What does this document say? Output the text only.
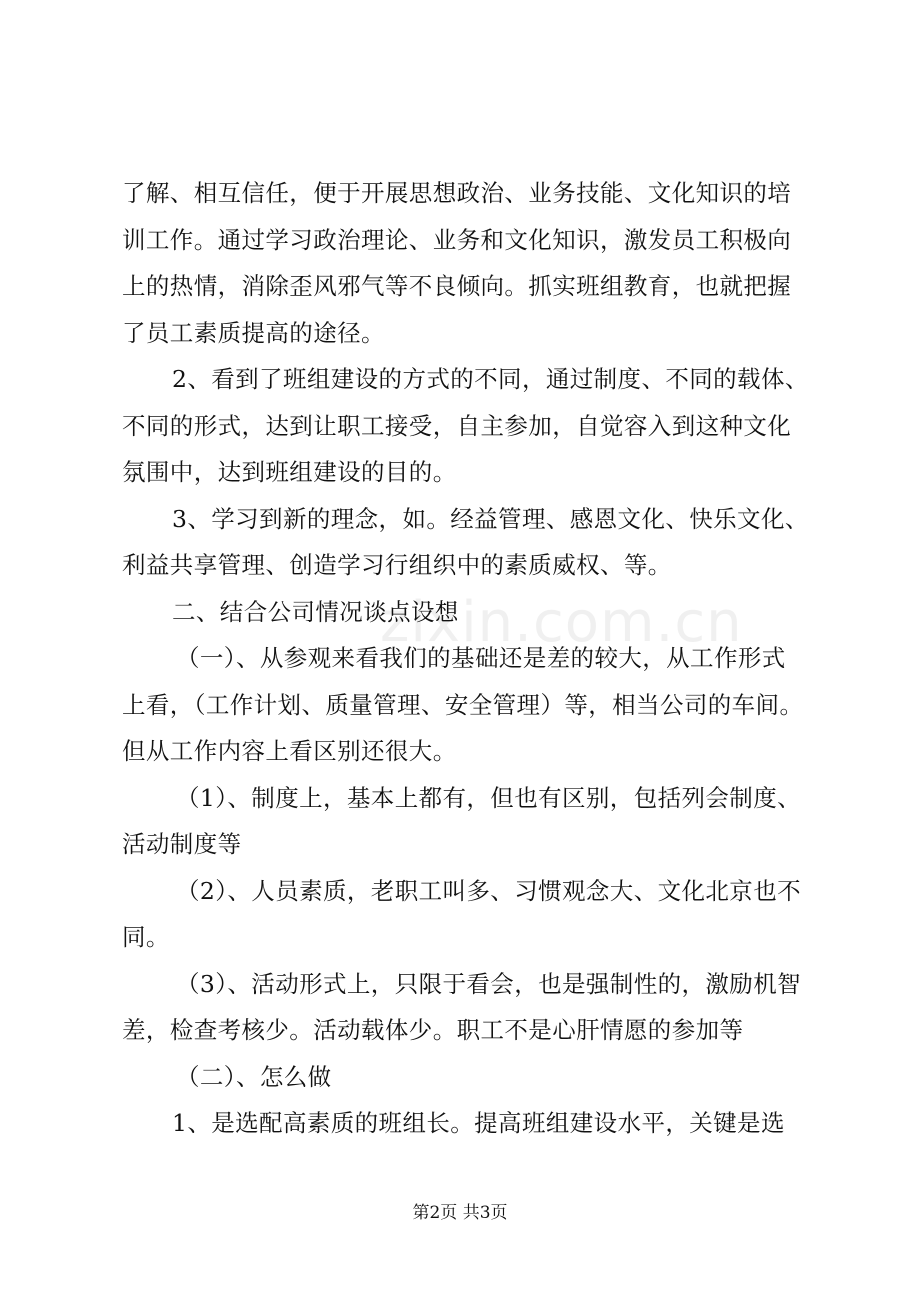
zixin.com.cn
了解、相互信任，便于开展思想政治、业务技能、文化知识的培
训工作。通过学习政治理论、业务和文化知识，激发员工积极向
上的热情，消除歪风邪气等不良倾向。抓实班组教育，也就把握
了员工素质提高的途径。
2、看到了班组建设的方式的不同，通过制度、不同的载体、
不同的形式，达到让职工接受，自主参加，自觉容入到这种文化
氛围中，达到班组建设的目的。
3、学习到新的理念，如。经益管理、感恩文化、快乐文化、
利益共享管理、创造学习行组织中的素质威权、等。
二、结合公司情况谈点设想
（一）、从参观来看我们的基础还是差的较大，从工作形式
上看，（工作计划、质量管理、安全管理）等，相当公司的车间。
但从工作内容上看区别还很大。
（1）、制度上，基本上都有，但也有区别，包括列会制度、
活动制度等
（2）、人员素质，老职工叫多、习惯观念大、文化北京也不
同。
（3）、活动形式上，只限于看会，也是强制性的，激励机智
差，检查考核少。活动载体少。职工不是心肝情愿的参加等
（二）、怎么做
1、是选配高素质的班组长。提高班组建设水平，关键是选
第2页 共3页
